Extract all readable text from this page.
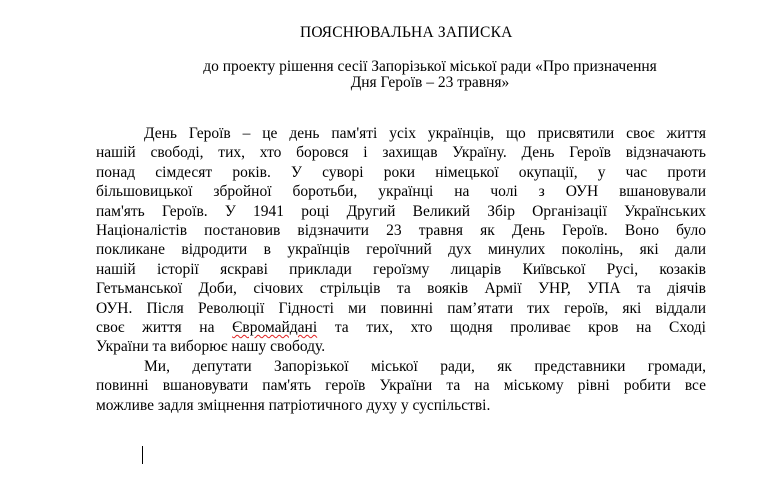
ПОЯСНЮВАЛЬНА ЗАПИСКА
до проекту рішення сесії Запорізької міської ради «Про призначення
Дня Героїв – 23 травня»
День Героїв – це день пам'яті усіх українців, що присвятили своє життя
нашій свободі, тих, хто боровся і захищав Україну. День Героїв відзначають
понад сімдесят років. У суворі роки німецької окупації, у час проти
більшовицької збройної боротьби, українці на чолі з ОУН вшановували
пам'ять Героїв. У 1941 році Другий Великий Збір Організації Українських
Націоналістів постановив відзначити 23 травня як День Героїв. Воно було
покликане відродити в українців героїчний дух минулих поколінь, які дали
нашій історії яскраві приклади героїзму лицарів Київської Русі, козаків
Гетьманської Доби, січових стрільців та вояків Армії УНР, УПА та діячів
ОУН. Після Революції Гідності ми повинні пам’ятати тих героїв, які віддали
своє життя на Євромайдані та тих, хто щодня проливає кров на Сході
України та виборює нашу свободу.
Ми, депутати Запорізької міської ради, як представники громади,
повинні вшановувати пам'ять героїв України та на міському рівні робити все
можливе задля зміцнення патріотичного духу у суспільстві.
